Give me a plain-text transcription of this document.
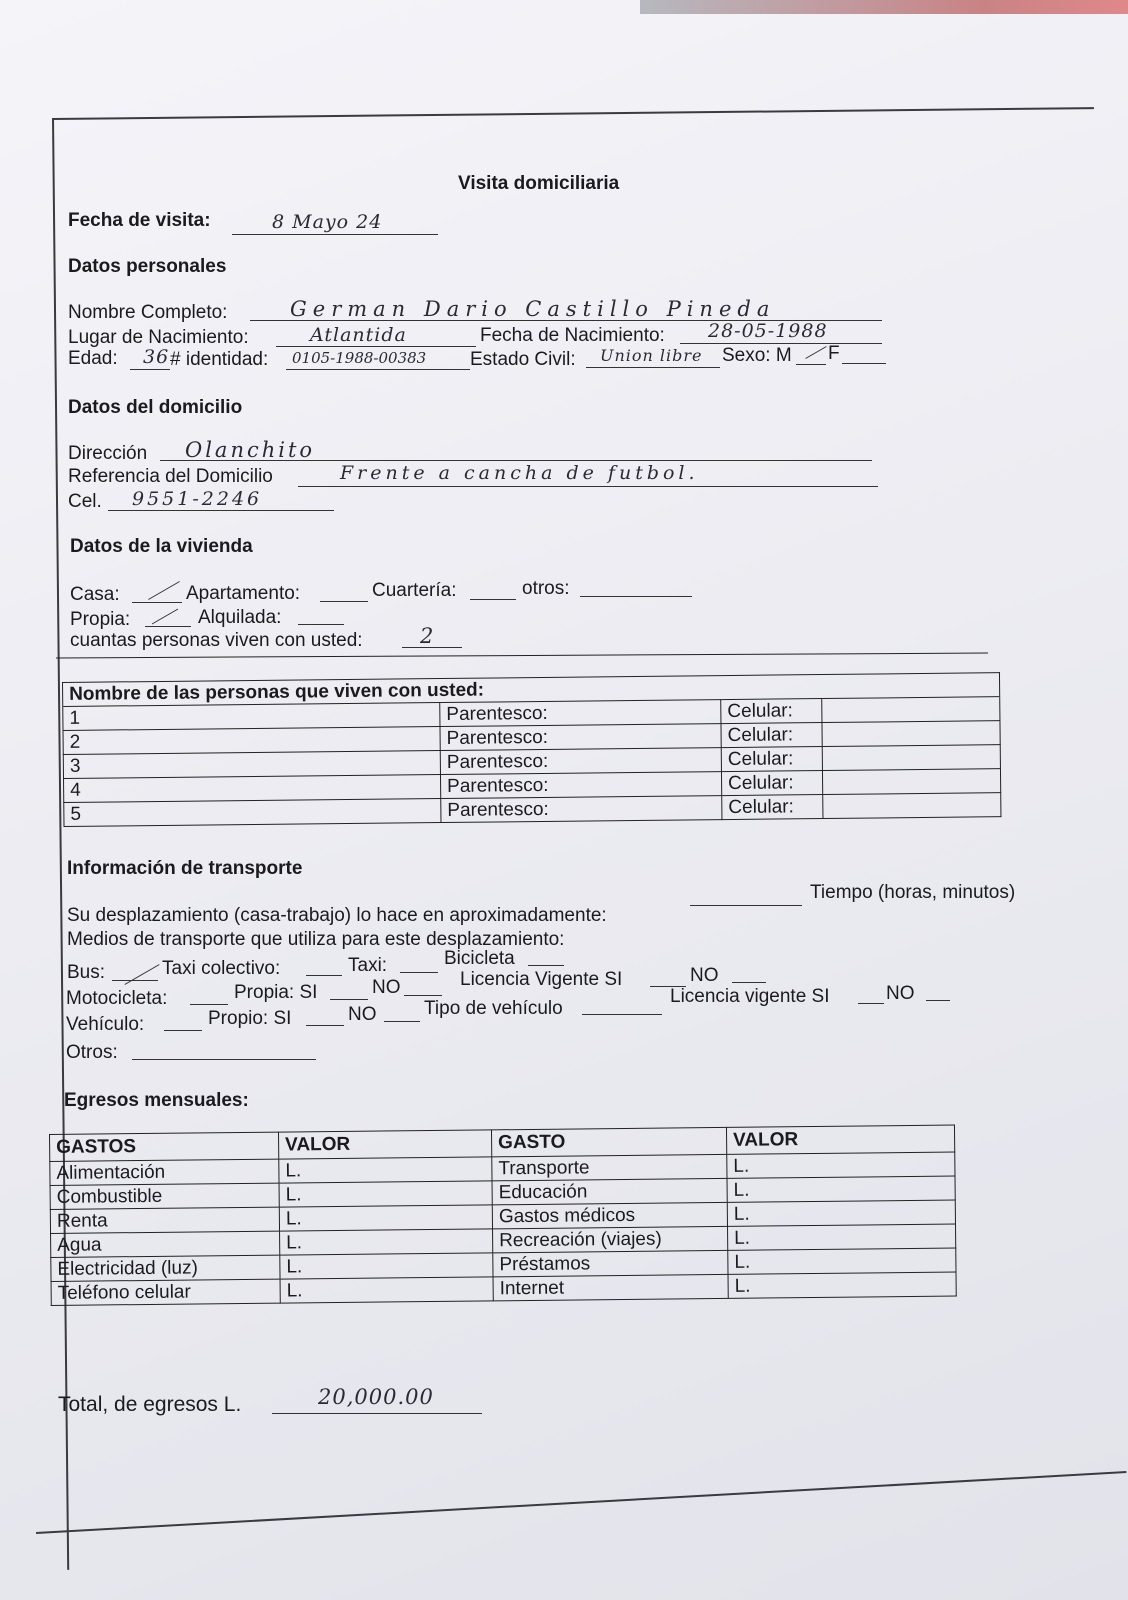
Visita domiciliaria
Fecha de visita:	8 Mayo 24
Datos personales
Nombre Completo:	German Dario Castillo Pineda
Lugar de Nacimiento:	Atlantida	Fecha de Nacimiento: 28-05-1988
Edad: 36 # identidad: 0105-1988-00383 Estado Civil: Union libre Sexo: M F
Datos del domicilio
Dirección Olanchito
Referencia del Domicilio	Frente a cancha de futbol.
Cel. 9551-2246
Datos de la vivienda
Casa:	Apartamento:	Cuartería:	otros:
Propia:	Alquilada:
cuantas personas viven con usted:	2
Nombre de las personas que viven con usted:			
1	Parentesco:	Celular:	
2	Parentesco:	Celular:	
3	Parentesco:	Celular:	
4	Parentesco:	Celular:	
5	Parentesco:	Celular:	
Información de transporte
Tiempo (horas, minutos)
Su desplazamiento (casa-trabajo) lo hace en aproximadamente:
Medios de transporte que utiliza para este desplazamiento:
Bus:	Taxi colectivo:	Taxi:	Bicicleta
Licencia Vigente SI	NO
Motocicleta:	Propia: SI	NO	Licencia vigente SI	NO
Vehículo:	Propio: SI	NO	Tipo de vehículo
Otros:
Egresos mensuales:
GASTOS	VALOR	GASTO	VALOR
Alimentación	L.	Transporte	L.
Combustible	L.	Educación	L.
Renta	L.	Gastos médicos	L.
Agua	L.	Recreación (viajes)	L.
Electricidad (luz)	L.	Préstamos	L.
Teléfono celular	L.	Internet	L.
Total, de egresos L.	20,000.00
